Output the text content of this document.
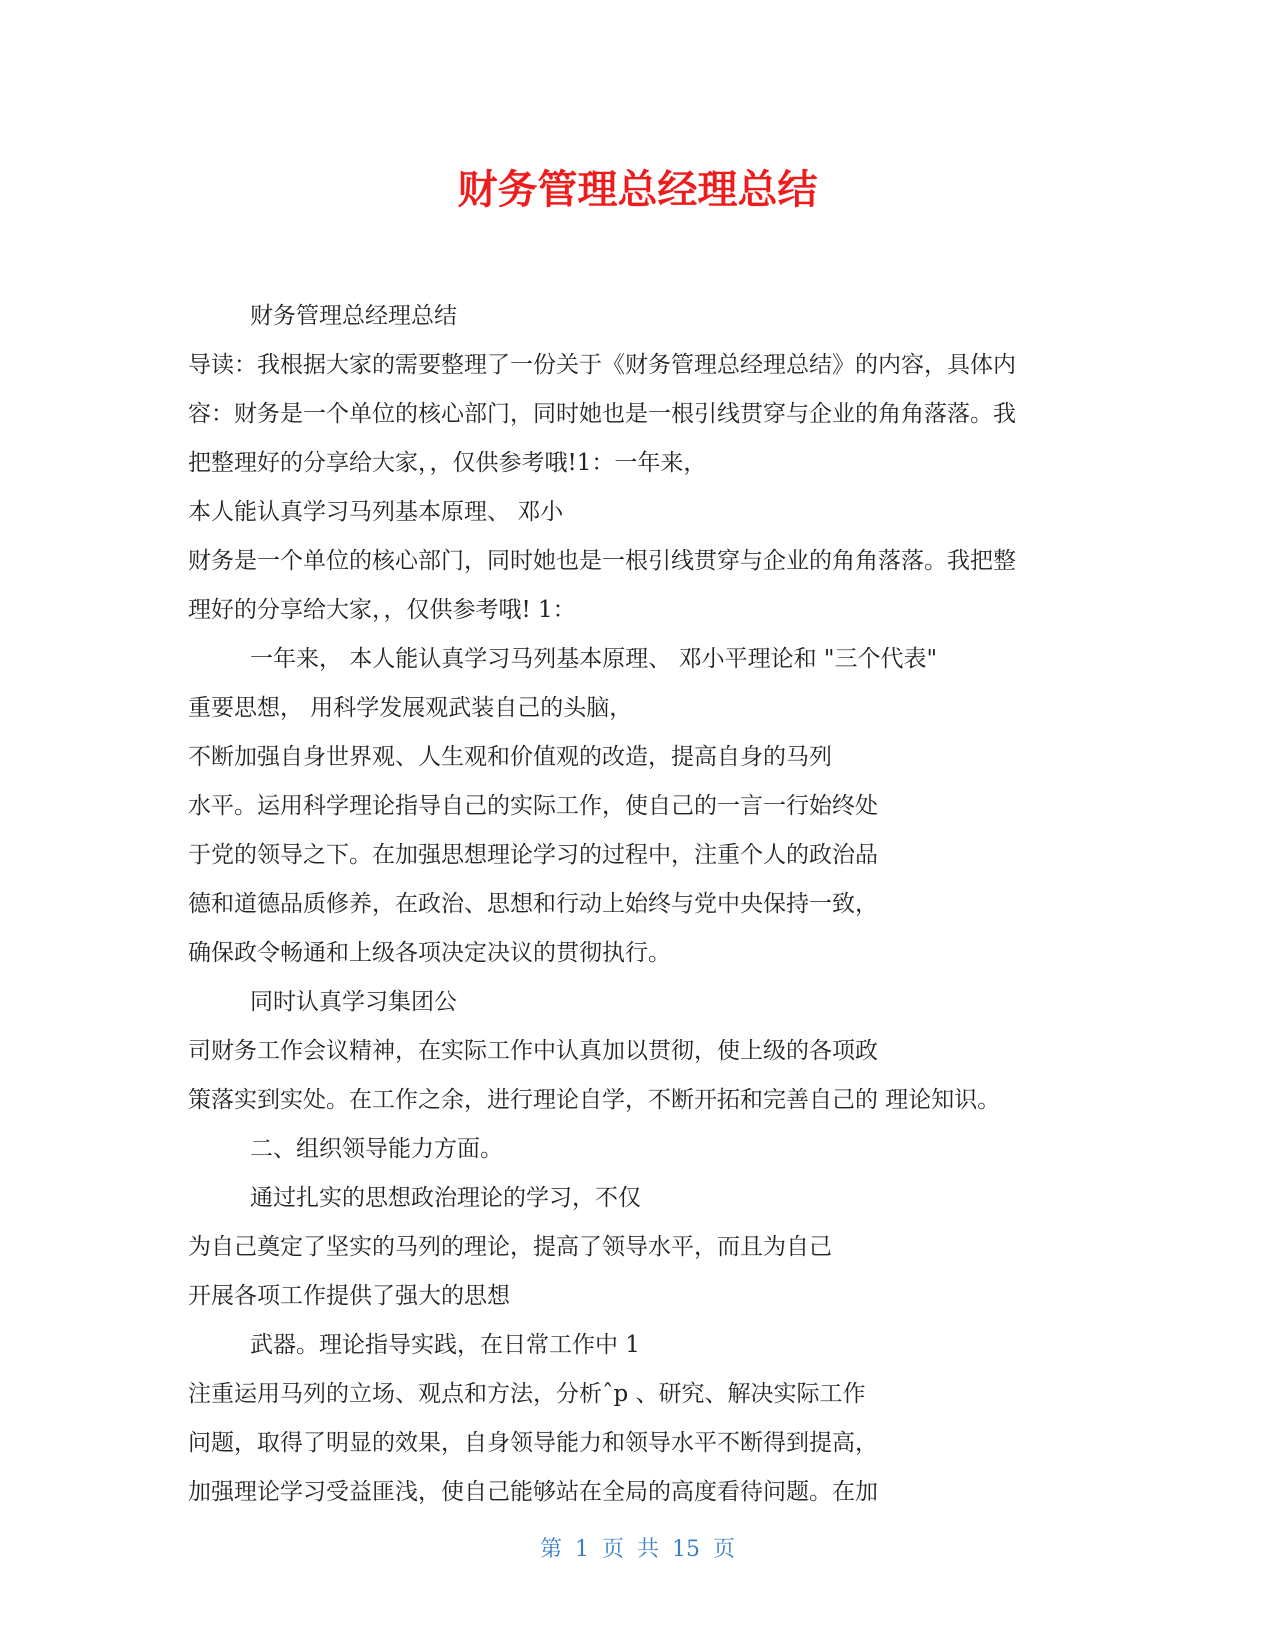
财务管理总经理总结
财务管理总经理总结
导读：我根据大家的需要整理了一份关于《财务管理总经理总结》的内容，具体内
容：财务是一个单位的核心部门，同时她也是一根引线贯穿与企业的角角落落。我
把整理好的分享给大家，，仅供参考哦!1：一年来，
本人能认真学习马列基本原理、 邓小
财务是一个单位的核心部门，同时她也是一根引线贯穿与企业的角角落落。我把整
理好的分享给大家，，仅供参考哦! 1：
一年来， 本人能认真学习马列基本原理、 邓小平理论和 "三个代表"
重要思想， 用科学发展观武装自己的头脑，
不断加强自身世界观、人生观和价值观的改造，提高自身的马列
水平。运用科学理论指导自己的实际工作，使自己的一言一行始终处
于党的领导之下。在加强思想理论学习的过程中，注重个人的政治品
德和道德品质修养，在政治、思想和行动上始终与党中央保持一致，
确保政令畅通和上级各项决定决议的贯彻执行。
同时认真学习集团公
司财务工作会议精神，在实际工作中认真加以贯彻，使上级的各项政
策落实到实处。在工作之余，进行理论自学，不断开拓和完善自己的 理论知识。
二、组织领导能力方面。
通过扎实的思想政治理论的学习，不仅
为自己奠定了坚实的马列的理论，提高了领导水平，而且为自己
开展各项工作提供了强大的思想
武器。理论指导实践，在日常工作中 1
注重运用马列的立场、观点和方法，分析ˆp 、研究、解决实际工作
问题，取得了明显的效果，自身领导能力和领导水平不断得到提高，
加强理论学习受益匪浅，使自己能够站在全局的高度看待问题。在加
第 1 页 共 15 页
